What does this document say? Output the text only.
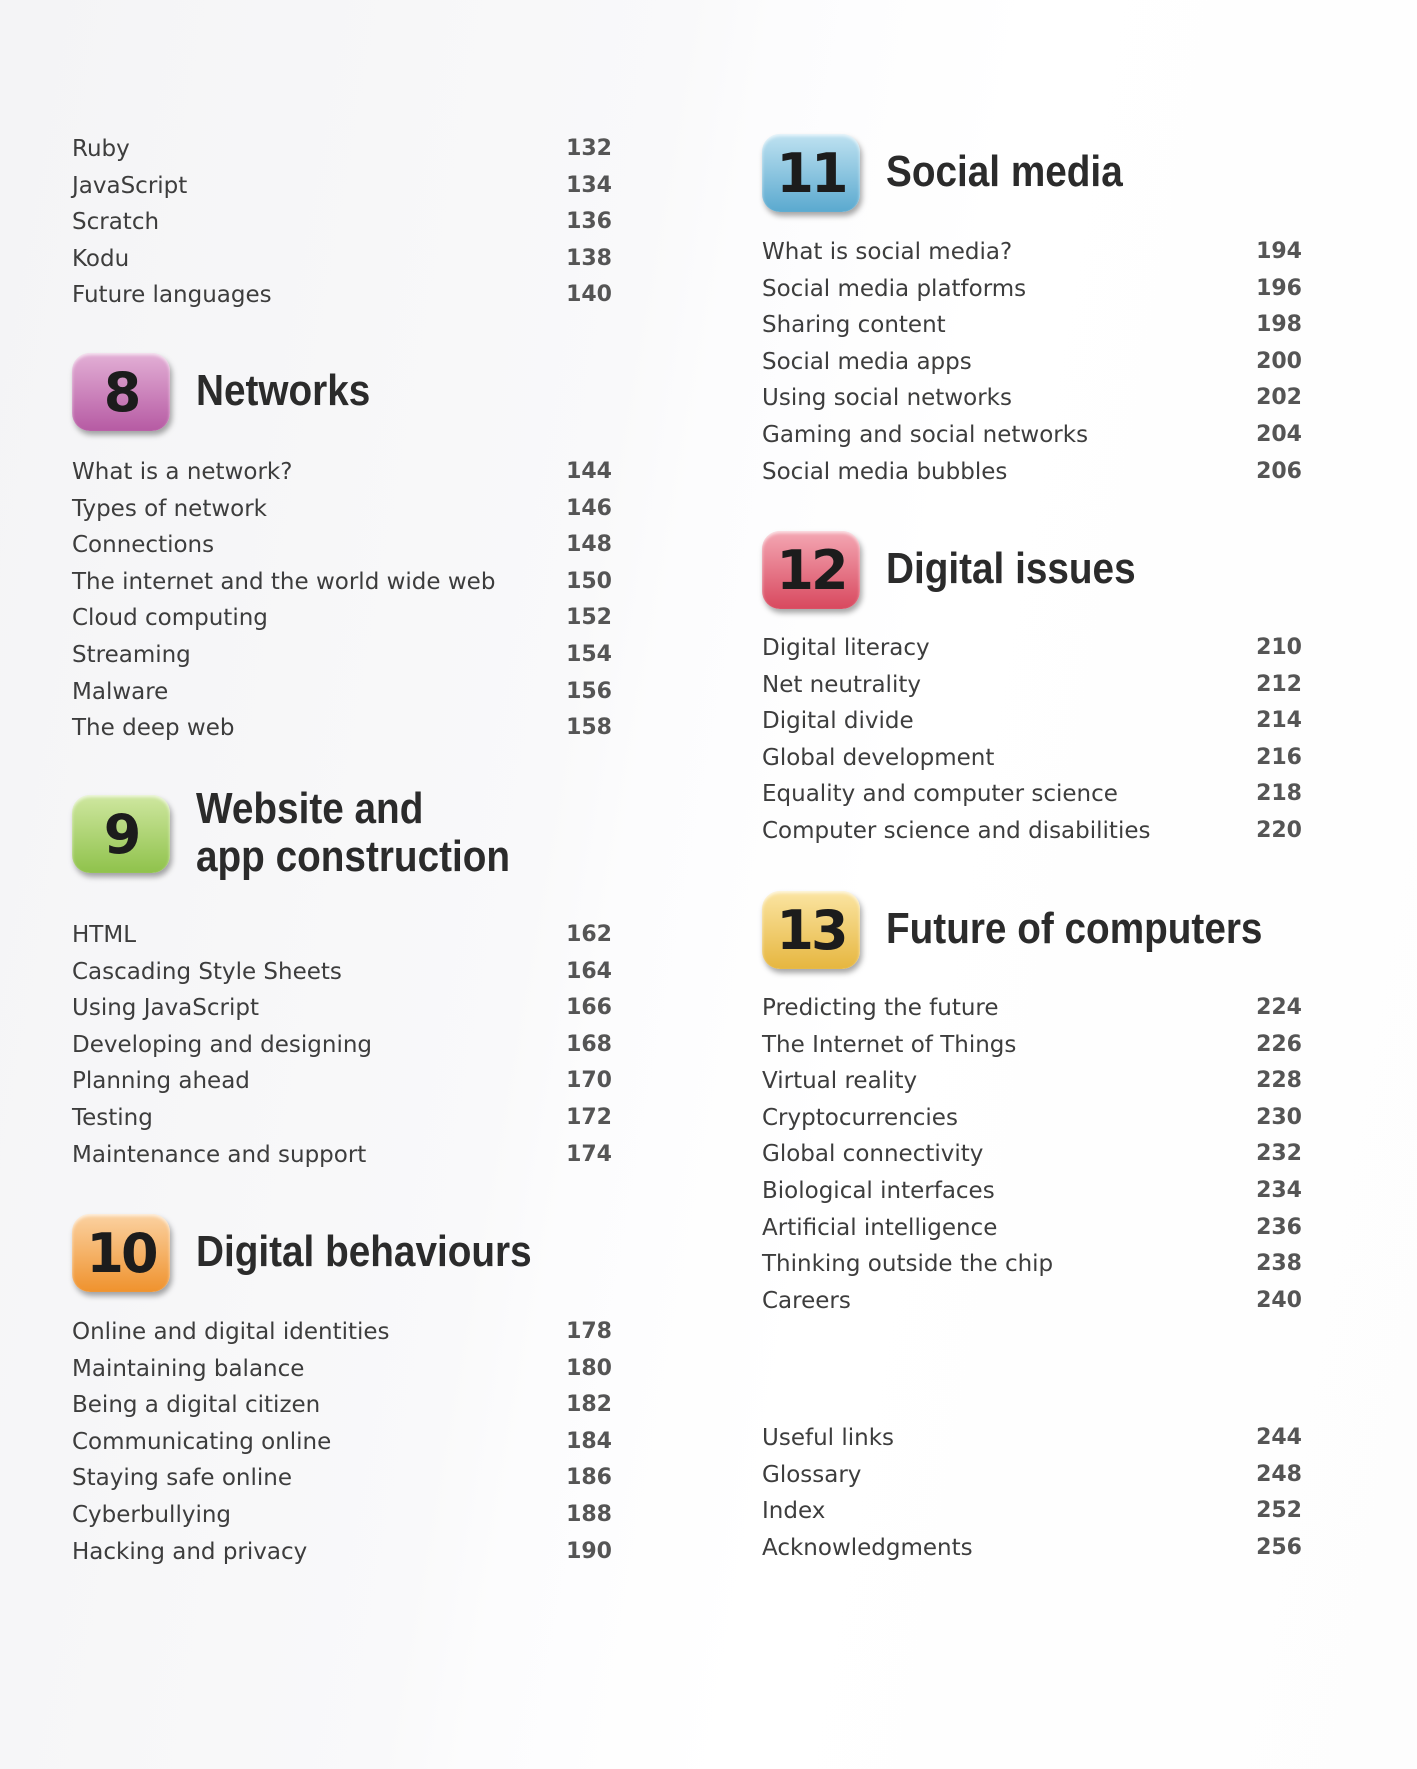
Ruby	132
JavaScript	134
Scratch	136
Kodu	138
Future languages	140
8	Networks
What is a network?	144
Types of network	146
Connections	148
The internet and the world wide web	150
Cloud computing	152
Streaming	154
Malware	156
The deep web	158
9	Website and
app construction
HTML	162
Cascading Style Sheets	164
Using JavaScript	166
Developing and designing	168
Planning ahead	170
Testing	172
Maintenance and support	174
10 Digital behaviours
Online and digital identities	178
Maintaining balance	180
Being a digital citizen	182
Communicating online	184
Staying safe online	186
Cyberbullying	188
Hacking and privacy	190
11 Social media
What is social media?	194
Social media platforms	196
Sharing content	198
Social media apps	200
Using social networks	202
Gaming and social networks	204
Social media bubbles	206
12 Digital issues
Digital literacy	210
Net neutrality	212
Digital divide	214
Global development	216
Equality and computer science	218
Computer science and disabilities	220
13 Future of computers
Predicting the future	224
The Internet of Things	226
Virtual reality	228
Cryptocurrencies	230
Global connectivity	232
Biological interfaces	234
Artificial intelligence	236
Thinking outside the chip	238
Careers	240
Useful links	244
Glossary	248
Index	252
Acknowledgments	256
